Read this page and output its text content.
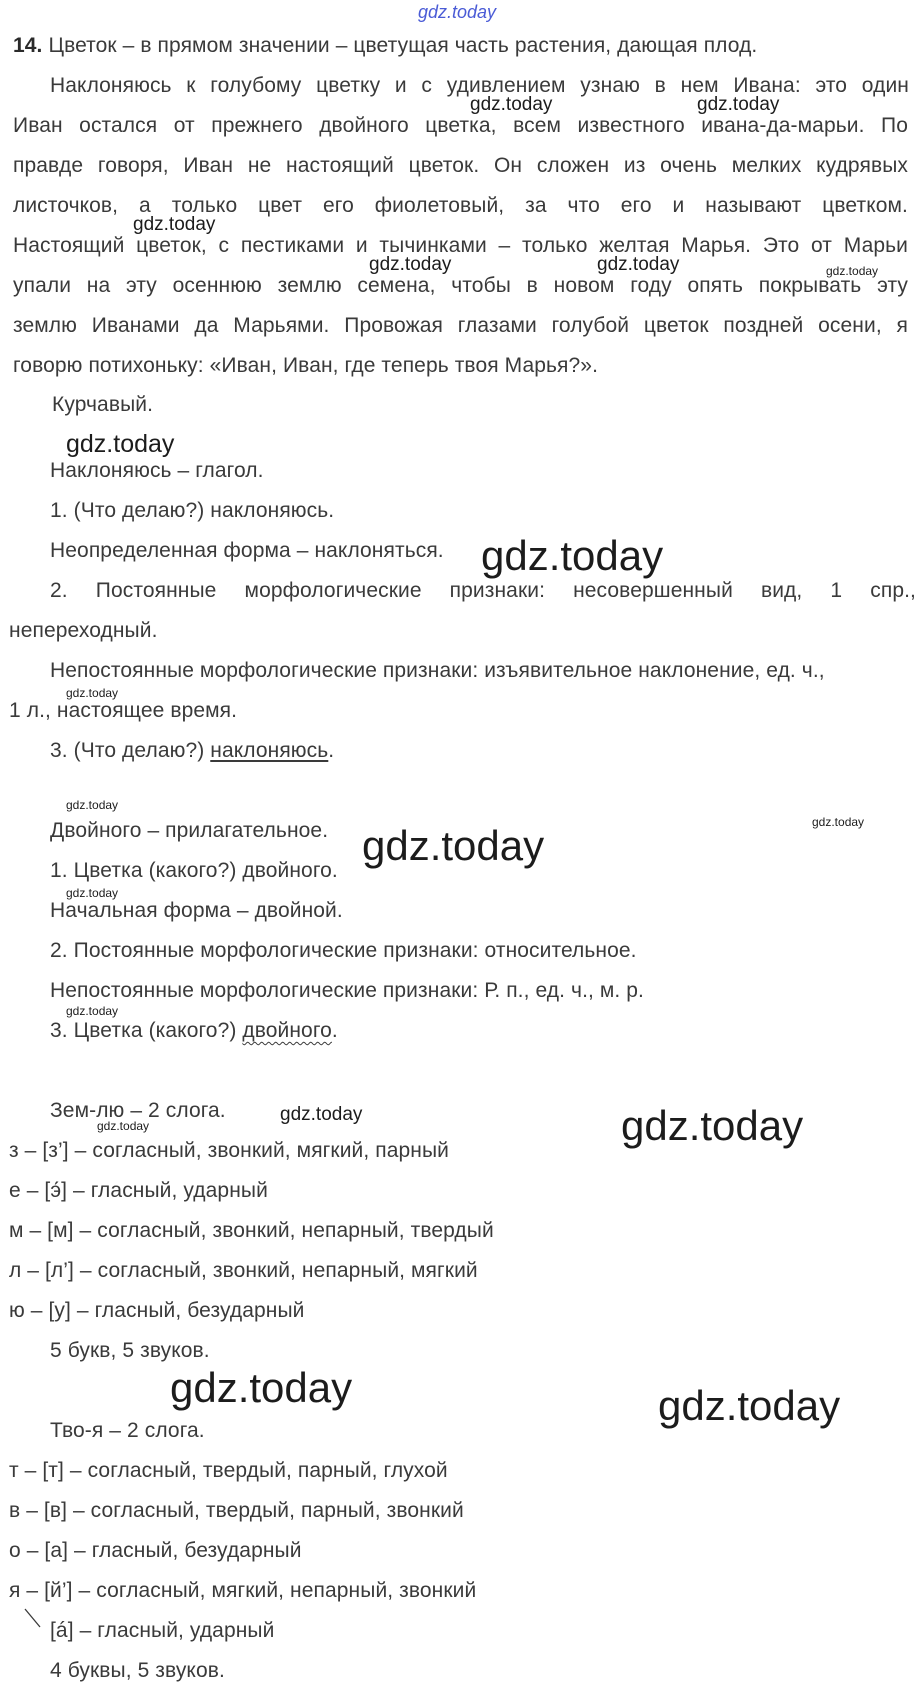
gdz.today
14. Цветок – в прямом значении – цветущая часть растения, дающая плод.
Наклоняюсь к голубому цветку и с удивлением узнаю в нем Ивана: это один
Иван остался от прежнего двойного цветка, всем известного ивана-да-марьи. По
правде говоря, Иван не настоящий цветок. Он сложен из очень мелких кудрявых
листочков, а только цвет его фиолетовый, за что его и называют цветком.
Настоящий цветок, с пестиками и тычинками – только желтая Марья. Это от Марьи
упали на эту осеннюю землю семена, чтобы в новом году опять покрывать эту
землю Иванами да Марьями. Провожая глазами голубой цветок поздней осени, я
говорю потихоньку: «Иван, Иван, где теперь твоя Марья?».
gdz.today	gdz.today
gdz.today
gdz.today	gdz.today	gdz.today
Курчавый.
gdz.today
Наклоняюсь – глагол.
1. (Что делаю?) наклоняюсь.
Неопределенная форма – наклоняться. gdz.today
2. Постоянные морфологические признаки: несовершенный вид, 1 спр.,
непереходный.
Непостоянные морфологические признаки: изъявительное наклонение, ед. ч.,
gdz.today
1 л., настоящее время.
3. (Что делаю?) наклоняюсь.
gdz.today
gdz.today
Двойного – прилагательное. gdz.today
1. Цветка (какого?) двойного.
gdz.today
Начальная форма – двойной.
2. Постоянные морфологические признаки: относительное.
Непостоянные морфологические признаки: Р. п., ед. ч., м. р.
gdz.today
3. Цветка (какого?) двойного.
Зем-лю – 2 слога.	gdz.today
gdz.today	gdz.today
з – [з’] – согласный, звонкий, мягкий, парный
е – [э́] – гласный, ударный
м – [м] – согласный, звонкий, непарный, твердый
л – [л’] – согласный, звонкий, непарный, мягкий
ю – [у] – гласный, безударный
5 букв, 5 звуков.
gdz.today	gdz.today
Тво-я – 2 слога.
т – [т] – согласный, твердый, парный, глухой
в – [в] – согласный, твердый, парный, звонкий
о – [а] – гласный, безударный
я – [й’] – согласный, мягкий, непарный, звонкий
[á] – гласный, ударный
4 буквы, 5 звуков.
